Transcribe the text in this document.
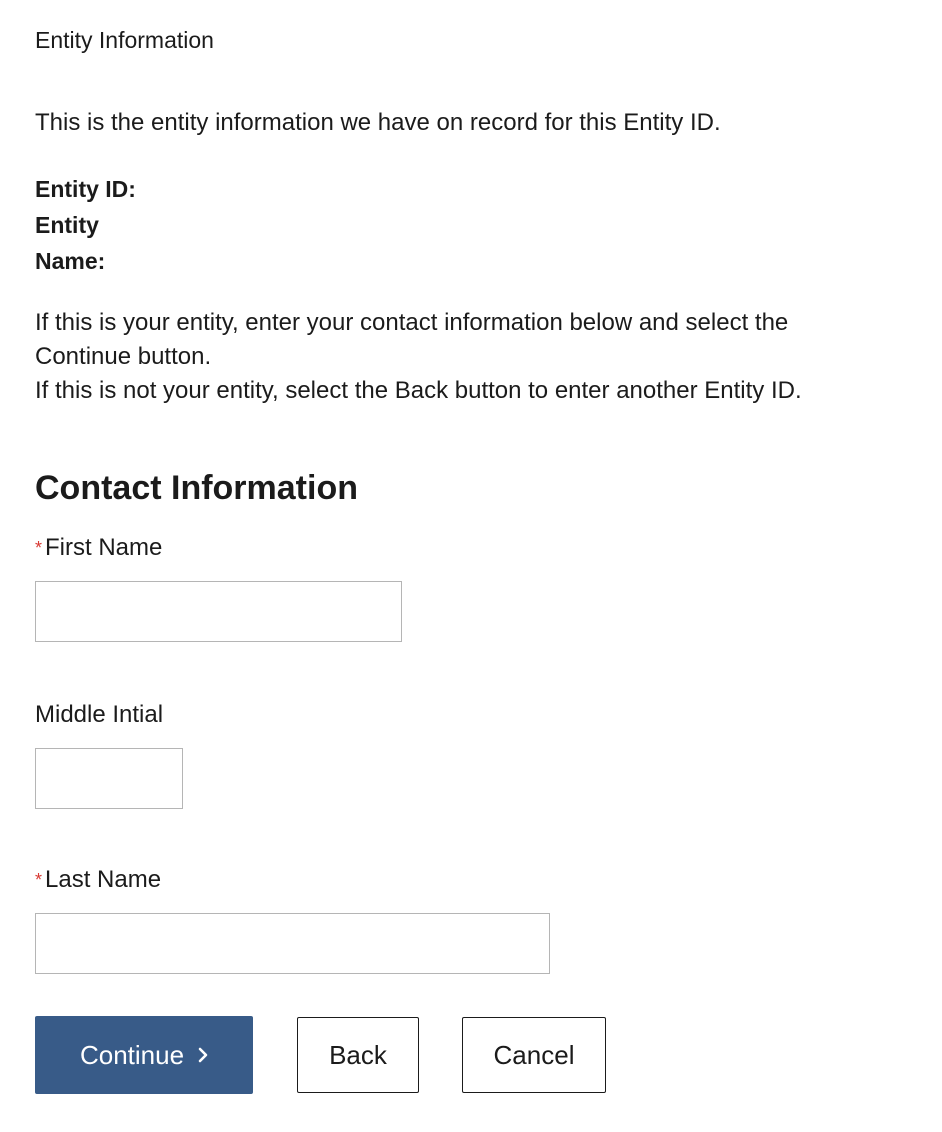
Entity Information
This is the entity information we have on record for this Entity ID.
Entity ID:
Entity
Name:
If this is your entity, enter your contact information below and select the
Continue button.
If this is not your entity, select the Back button to enter another Entity ID.
Contact Information
* First Name
Middle Intial
* Last Name
Continue	Back	Cancel
